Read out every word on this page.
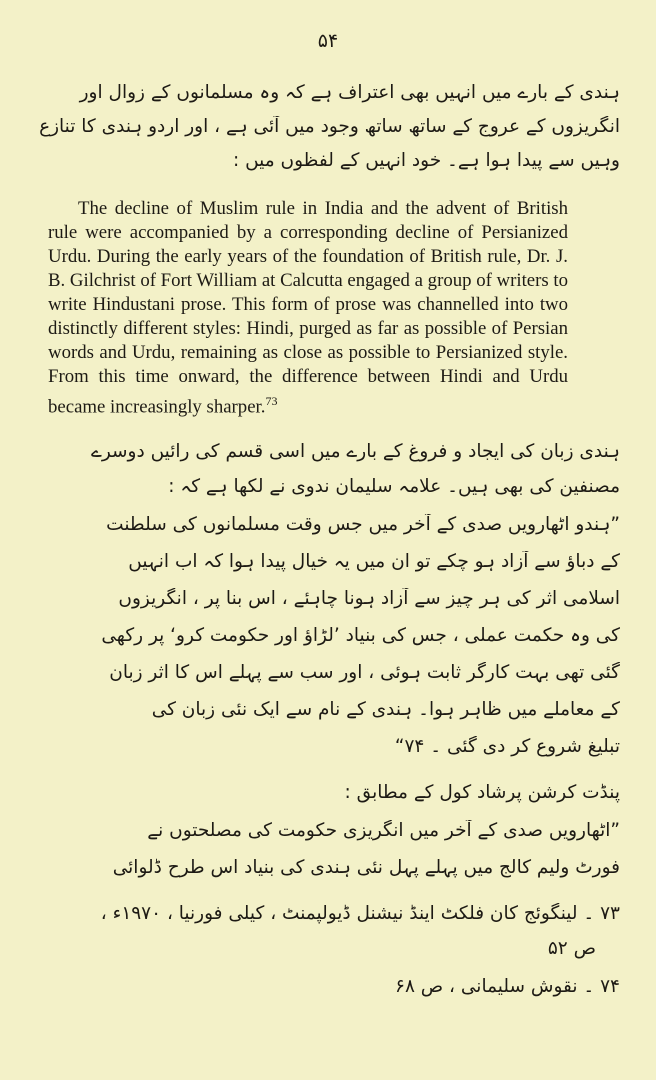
۵۴
ہندی کے بارے میں انہیں بھی اعتراف ہے کہ وہ مسلمانوں کے زوال اور
انگریزوں کے عروج کے ساتھ ساتھ وجود میں آئی ہے ، اور اردو ہندی کا تنازع
وہیں سے پیدا ہوا ہے۔ خود انہیں کے لفظوں میں :

The decline of Muslim rule in India and the advent of British rule were accompanied by a corresponding decline of Persianized Urdu. During the early years of the foundation of British rule, Dr. J. B. Gilchrist of Fort William at Calcutta engaged a group of writers to write Hindustani prose. This form of prose was channelled into two distinctly different styles: Hindi, purged as far as possible of Persian words and Urdu, remaining as close as possible to Persianized style. From this time onward, the difference between Hindi and Urdu became increasingly sharper.$^{73}$

ہندی زبان کی ایجاد و فروغ کے بارے میں اسی قسم کی رائیں دوسرے
مصنفین کی بھی ہیں۔ علامہ سلیمان ندوی نے لکھا ہے کہ :
”ہندو اٹھارویں صدی کے آخر میں جس وقت مسلمانوں کی سلطنت
کے دباؤ سے آزاد ہو چکے تو ان میں یہ خیال پیدا ہوا کہ اب انہیں
اسلامی اثر کی ہر چیز سے آزاد ہونا چاہئے ، اس بنا پر ، انگریزوں
کی وہ حکمت عملی ، جس کی بنیاد ’لڑاؤ اور حکومت کرو‘ پر رکھی
گئی تھی بہت کارگر ثابت ہوئی ، اور سب سے پہلے اس کا اثر زبان
کے معاملے میں ظاہر ہوا۔ ہندی کے نام سے ایک نئی زبان کی
تبلیغ شروع کر دی گئی ۔ ۷۴“
پنڈت کرشن پرشاد کول کے مطابق :
”اٹھارویں صدی کے آخر میں انگریزی حکومت کی مصلحتوں نے
فورٹ ولیم کالج میں پہلے پہل نئی ہندی کی بنیاد اس طرح ڈلوائی
۷۳ ۔ لینگوئج کان فلکٹ اینڈ نیشنل ڈیولپمنٹ ، کیلی فورنیا ، ۱۹۷۰ء ،
ص ۵۲
۷۴ ۔ نقوش سلیمانی ، ص ۶۸
